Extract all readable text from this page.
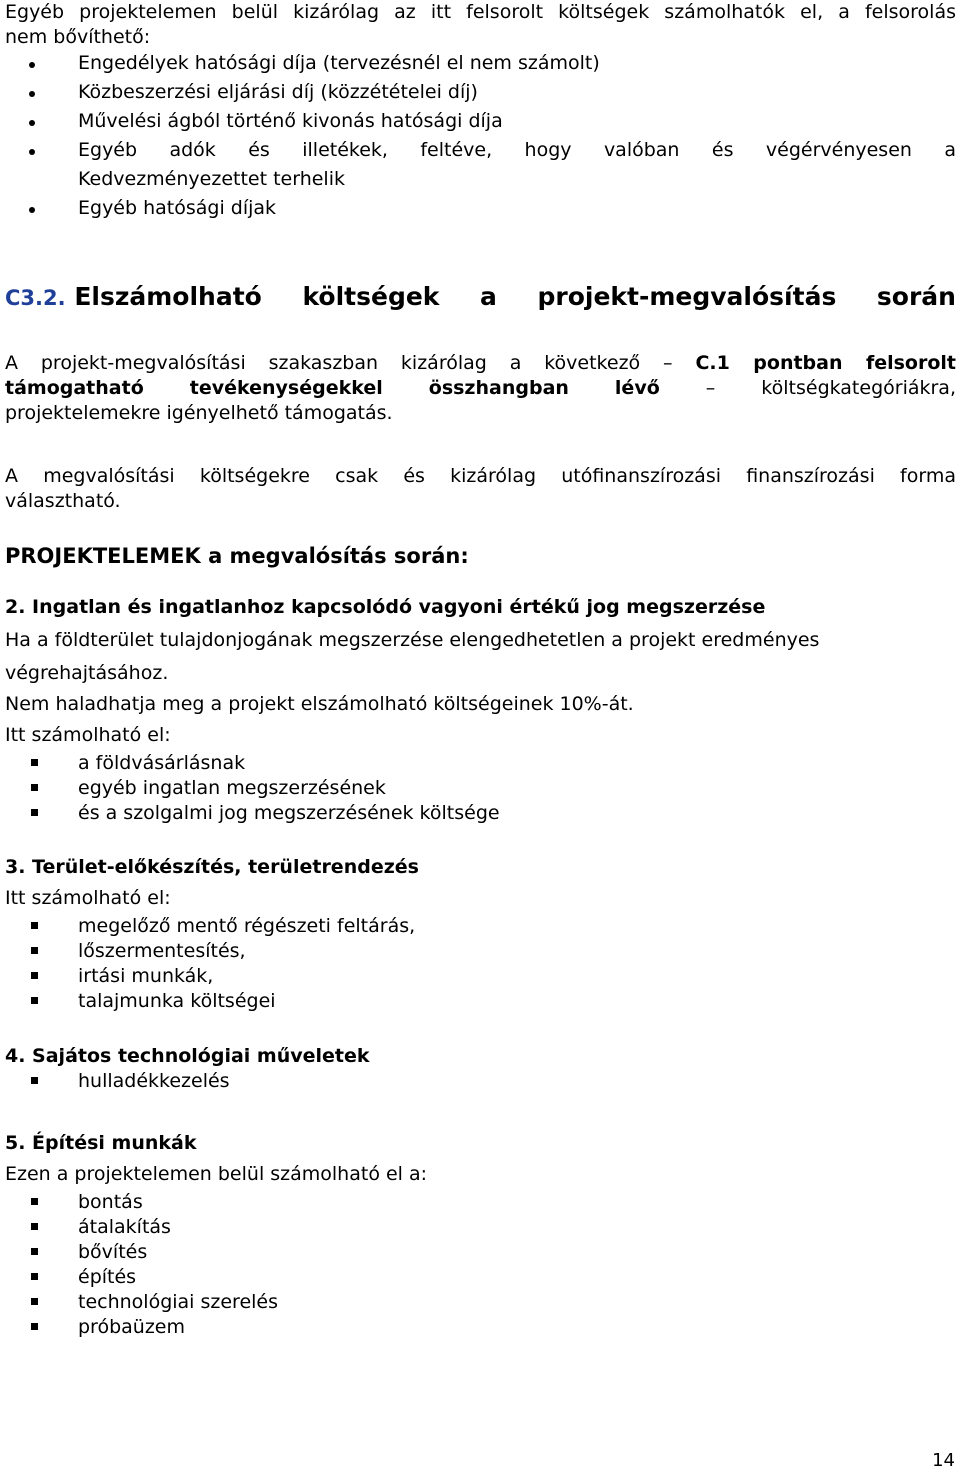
Egyéb projektelemen belül kizárólag az itt felsorolt költségek számolhatók el, a felsorolás

nem bővíthető:

Engedélyek hatósági díja (tervezésnél el nem számolt)
Közbeszerzési eljárási díj (közzétételei díj)
Művelési ágból történő kivonás hatósági díja
Egyéb adók és illetékek, feltéve, hogy valóban és végérvényesen a
Kedvezményezettet terhelik
Egyéb hatósági díjak
C3.2. Elszámolható költségek a projekt-megvalósítás során

A projekt-megvalósítási szakaszban kizárólag a következő – C.1 pontban felsorolt

támogatható tevékenységekkel összhangban lévő – költségkategóriákra,

projektelemekre igényelhető támogatás.

A megvalósítási költségekre csak és kizárólag utófinanszírozási finanszírozási forma

választható.

PROJEKTELEMEK a megvalósítás során:

2. Ingatlan és ingatlanhoz kapcsolódó vagyoni értékű jog megszerzése

Ha a földterület tulajdonjogának megszerzése elengedhetetlen a projekt eredményes

végrehajtásához.

Nem haladhatja meg a projekt elszámolható költségeinek 10%-át.

Itt számolható el:

a földvásárlásnak
egyéb ingatlan megszerzésének
és a szolgalmi jog megszerzésének költsége

3. Terület-előkészítés, területrendezés

Itt számolható el:

megelőző mentő régészeti feltárás,
lőszermentesítés,
irtási munkák,
talajmunka költségei

4. Sajátos technológiai műveletek

hulladékkezelés

5. Építési munkák

Ezen a projektelemen belül számolható el a:

bontás
átalakítás
bővítés
építés
technológiai szerelés
próbaüzem
14
